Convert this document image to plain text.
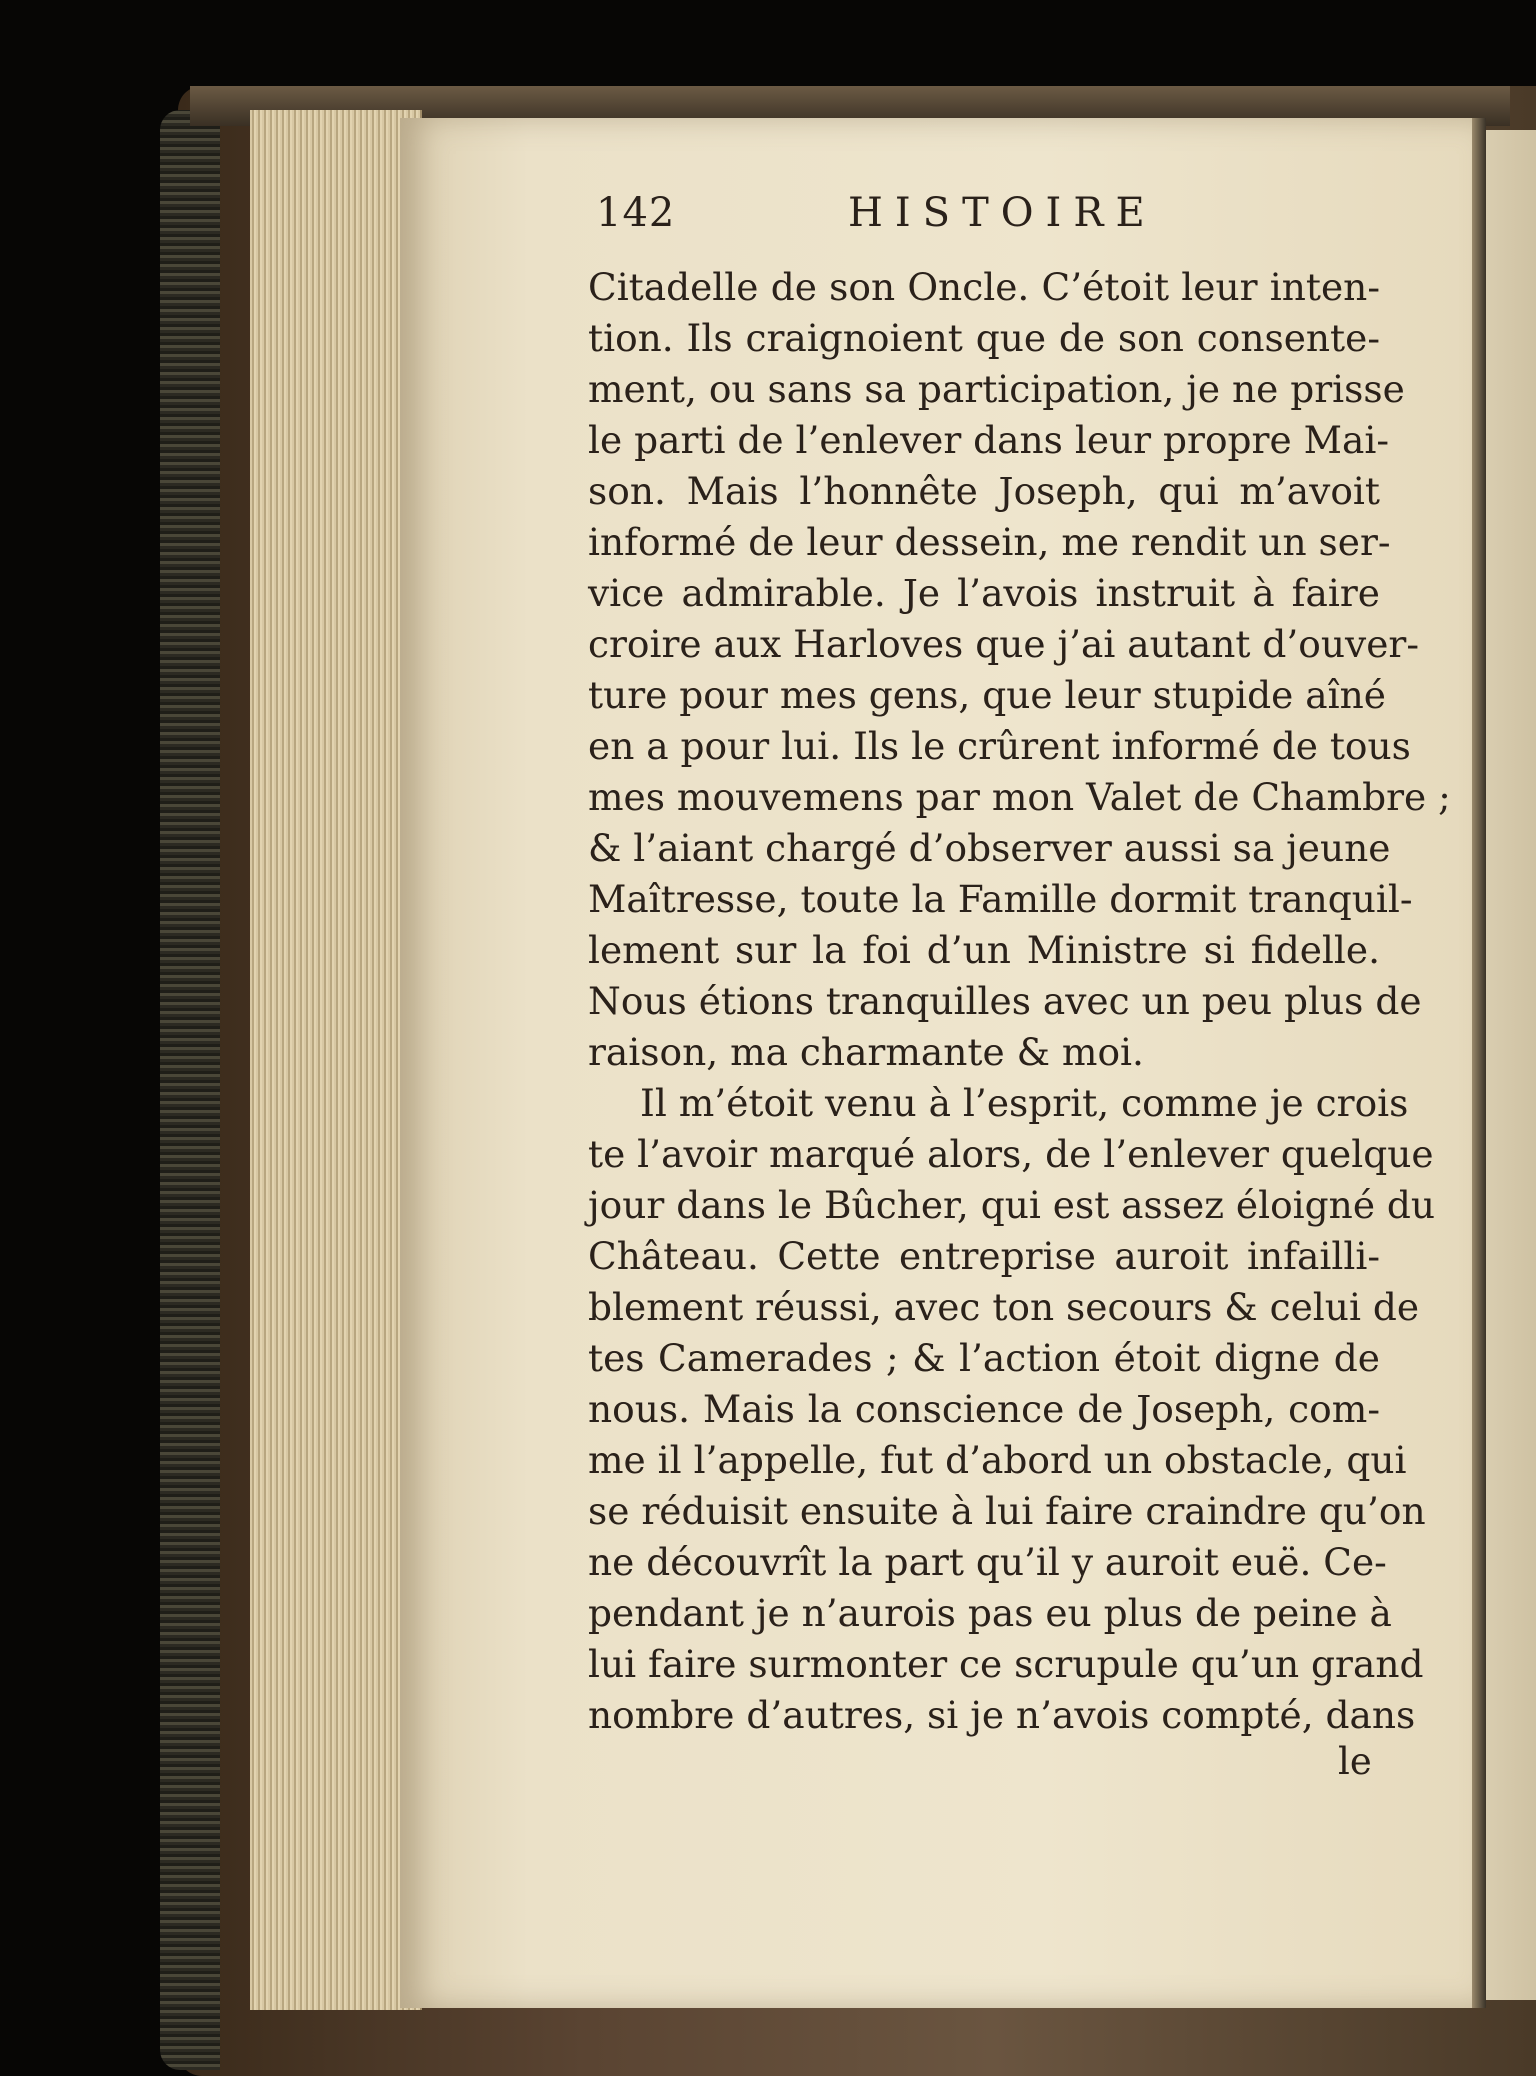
142	HISTOIRE
Citadelle de son Oncle. C’étoit leur inten-
tion. Ils craignoient que de son consente-
ment, ou sans sa participation, je ne prisse
le parti de l’enlever dans leur propre Mai-
son. Mais l’honnête Joseph, qui m’avoit
informé de leur dessein, me rendit un ser-
vice admirable. Je l’avois instruit à faire
croire aux Harloves que j’ai autant d’ouver-
ture pour mes gens, que leur stupide aîné
en a pour lui. Ils le crûrent informé de tous
mes mouvemens par mon Valet de Chambre ;
& l’aiant chargé d’observer aussi sa jeune
Maîtresse, toute la Famille dormit tranquil-
lement sur la foi d’un Ministre si fidelle.
Nous étions tranquilles avec un peu plus de
raison, ma charmante & moi.
Il m’étoit venu à l’esprit, comme je crois
te l’avoir marqué alors, de l’enlever quelque
jour dans le Bûcher, qui est assez éloigné du
Château. Cette entreprise auroit infailli-
blement réussi, avec ton secours & celui de
tes Camerades ; & l’action étoit digne de
nous. Mais la conscience de Joseph, com-
me il l’appelle, fut d’abord un obstacle, qui
se réduisit ensuite à lui faire craindre qu’on
ne découvrît la part qu’il y auroit euë. Ce-
pendant je n’aurois pas eu plus de peine à
lui faire surmonter ce scrupule qu’un grand
nombre d’autres, si je n’avois compté, dans
le
